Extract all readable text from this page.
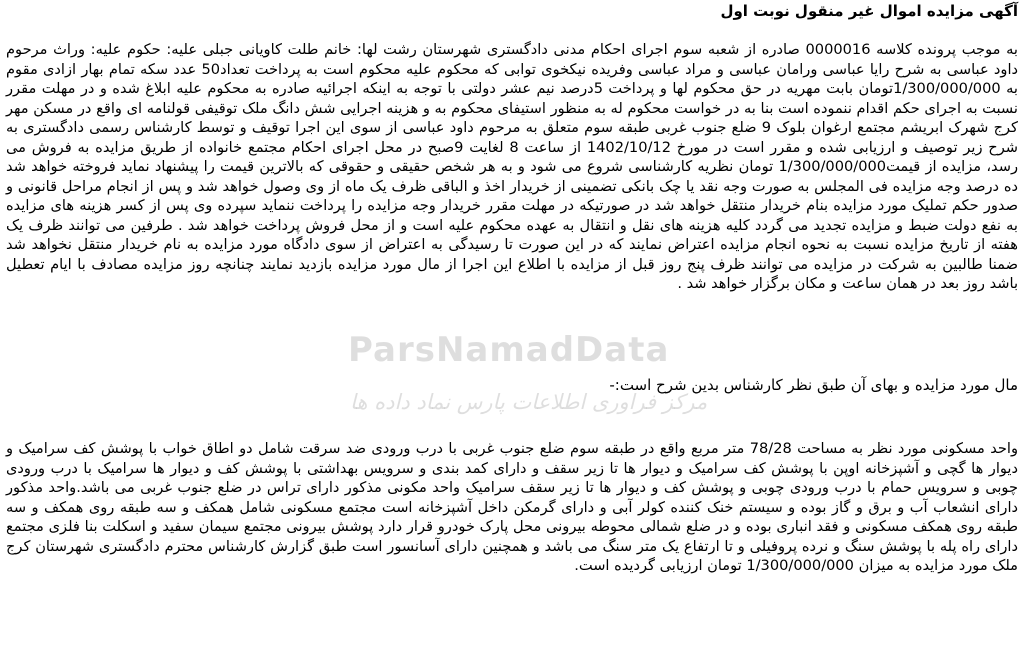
آگهی مزایده اموال غیر منقول نوبت اول

به موجب پرونده کلاسه 0000016 صادره از شعبه سوم اجرای احکام مدنی دادگستری شهرستان رشت لها: خانم طلت کاویانی جبلی علیه: حکوم علیه: وراث مرحوم داود عباسی به شرح رایا عباسی ورامان عباسی و مراد عباسی وفریده نیکخوی توابی که محکوم علیه محکوم است به پرداخت تعداد50 عدد سکه تمام بهار ازادی مقوم به 1/300/000/000تومان بابت مهریه در حق محکوم لها و پرداخت 5درصد نیم عشر دولتی با توجه به اینکه اجرائیه صادره به محکوم علیه ابلاغ شده و در مهلت مقرر نسبت به اجرای حکم اقدام ننموده است بنا به در خواست محکوم له به منظور استیفای محکوم به و هزینه اجرایی شش دانگ ملک توقیفی قولنامه ای واقع در مسکن مهر کرج شهرک ابریشم مجتمع ارغوان بلوک 9 ضلع جنوب غربی طبقه سوم متعلق به مرحوم داود عباسی از سوی این اجرا توقیف و توسط کارشناس رسمی دادگستری به شرح زیر توصیف و ارزیابی شده و مقرر است در مورخ 1402/10/12 از ساعت 8 لغایت 9صبح در محل اجرای احکام مجتمع خانواده از طریق مزایده به فروش می رسد، مزایده از قیمت1/300/000/000 تومان نظریه کارشناسی شروع می شود و به هر شخص حقیقی و حقوقی که بالاترین قیمت را پیشنهاد نماید فروخته خواهد شد ده درصد وجه مزایده فی المجلس به صورت وجه نقد یا چک بانکی تضمینی از خریدار اخذ و الباقی ظرف یک ماه از وی وصول خواهد شد و پس از انجام مراحل قانونی و صدور حکم تملیک مورد مزایده بنام خریدار منتقل خواهد شد در صورتیکه در مهلت مقرر خریدار وجه مزایده را پرداخت ننماید سپرده وی پس از کسر هزینه های مزایده به نفع دولت ضبط و مزایده تجدید می گردد کلیه هزینه های نقل و انتقال به عهده محکوم علیه است و از محل فروش پرداخت خواهد شد . طرفین می توانند ظرف یک هفته از تاریخ مزایده نسبت به نحوه انجام مزایده اعتراض نمایند که در این صورت تا رسیدگی به اعتراض از سوی دادگاه مورد مزایده به نام خریدار منتقل نخواهد شد ضمنا طالبین به شرکت در مزایده می توانند ظرف پنج روز قبل از مزایده با اطلاع این اجرا از مال مورد مزایده بازدید نمایند چنانچه روز مزایده مصادف با ایام تعطیل باشد روز بعد در همان ساعت و مکان برگزار خواهد شد .

مال مورد مزایده و بهای آن طبق نظر کارشناس بدین شرح است:-

واحد مسکونی مورد نظر به مساحت 78/28 متر مربع واقع در طبقه سوم ضلع جنوب غربی با درب ورودی ضد سرقت شامل دو اطاق خواب با پوشش کف سرامیک و دیوار ها گچی و آشپزخانه اوپن با پوشش کف سرامیک و دیوار ها تا زیر سقف و دارای کمد بندی و سرویس بهداشتی با پوشش کف و دیوار ها سرامیک با درب ورودی چوبی و سرویس حمام با درب ورودی چوبی و پوشش کف و دیوار ها تا زیر سقف سرامیک واحد مکونی مذکور دارای تراس در ضلع جنوب غربی می باشد.واحد مذکور دارای انشعاب آب و برق و گاز بوده و سیستم خنک کننده کولر آبی و دارای گرمکن داخل آشپزخانه است مجتمع مسکونی شامل همکف و سه طبقه روی همکف و سه طبقه روی همکف مسکونی و فقد انباری بوده و در ضلع شمالی محوطه بیرونی محل پارک خودرو قرار دارد پوشش بیرونی مجتمع سیمان سفید و اسکلت بنا فلزی مجتمع دارای راه پله با پوشش سنگ و نرده پروفیلی و تا ارتفاع یک متر سنگ می باشد و همچنین دارای آسانسور است طبق گزارش کارشناس محترم دادگستری شهرستان کرج ملک مورد مزایده به میزان 1/300/000/000 تومان ارزیابی گردیده است.

ParsNamadData
مرکز فراوری اطلاعات پارس نماد داده ها
